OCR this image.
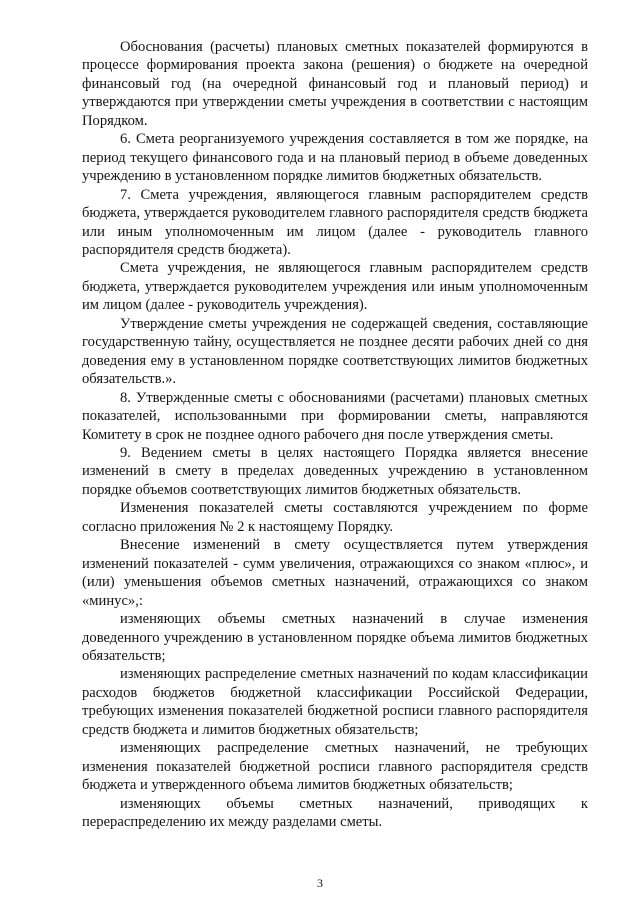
Обоснования (расчеты) плановых сметных показателей формируются в процессе формирования проекта закона (решения) о бюджете на очередной финансовый год (на очередной финансовый год и плановый период) и утверждаются при утверждении сметы учреждения в соответствии с настоящим Порядком.

6. Смета реорганизуемого учреждения составляется в том же порядке, на период текущего финансового года и на плановый период в объеме доведенных учреждению в установленном порядке лимитов бюджетных обязательств.

7. Смета учреждения, являющегося главным распорядителем средств бюджета, утверждается руководителем главного распорядителя средств бюджета или иным уполномоченным им лицом (далее - руководитель главного распорядителя средств бюджета).

Смета учреждения, не являющегося главным распорядителем средств бюджета, утверждается руководителем учреждения или иным уполномоченным им лицом (далее - руководитель учреждения).

Утверждение сметы учреждения не содержащей сведения, составляющие государственную тайну, осуществляется не позднее десяти рабочих дней со дня доведения ему в установленном порядке соответствующих лимитов бюджетных обязательств.».

8. Утвержденные сметы с обоснованиями (расчетами) плановых сметных показателей, использованными при формировании сметы, направляются Комитету в срок не позднее одного рабочего дня после утверждения сметы.

9. Ведением сметы в целях настоящего Порядка является внесение изменений в смету в пределах доведенных учреждению в установленном порядке объемов соответствующих лимитов бюджетных обязательств.

Изменения показателей сметы составляются учреждением по форме согласно приложения № 2 к настоящему Порядку.

Внесение изменений в смету осуществляется путем утверждения изменений показателей - сумм увеличения, отражающихся со знаком «плюс», и (или) уменьшения объемов сметных назначений, отражающихся со знаком «минус»,:

изменяющих объемы сметных назначений в случае изменения доведенного учреждению в установленном порядке объема лимитов бюджетных обязательств;

изменяющих распределение сметных назначений по кодам классификации расходов бюджетов бюджетной классификации Российской Федерации, требующих изменения показателей бюджетной росписи главного распорядителя средств бюджета и лимитов бюджетных обязательств;

изменяющих распределение сметных назначений, не требующих изменения показателей бюджетной росписи главного распорядителя средств бюджета и утвержденного объема лимитов бюджетных обязательств;

изменяющих объемы сметных назначений, приводящих к перераспределению их между разделами сметы.

3
